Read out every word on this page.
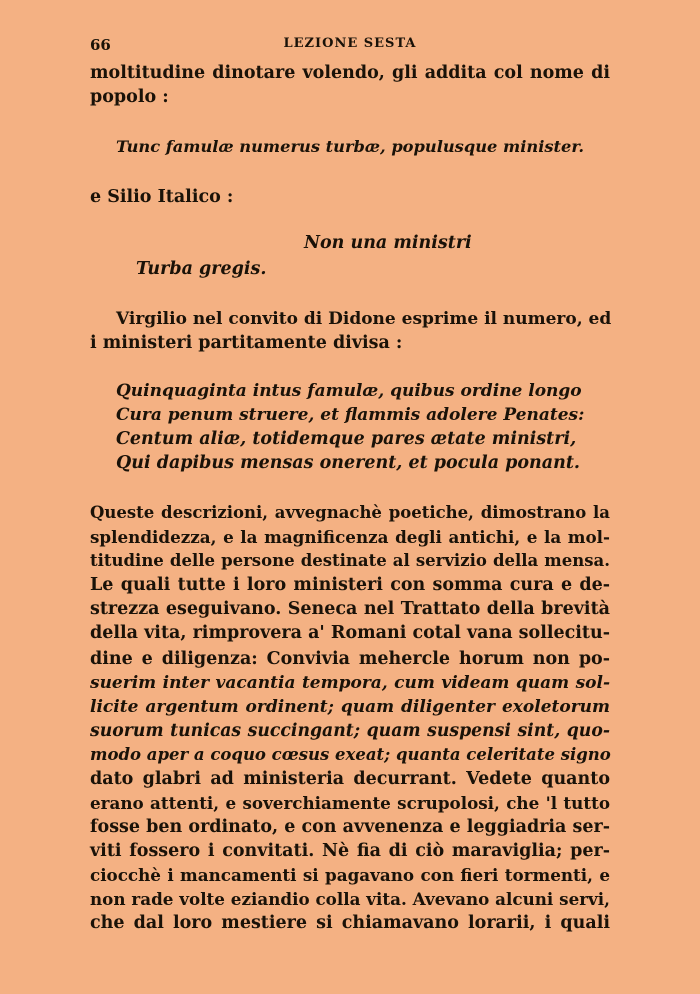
66	LEZIONE SESTA
moltitudine dinotare volendo, gli addita col nome di
popolo :
Tunc famulæ numerus turbæ, populusque minister.
e Silio Italico :
Non una ministri
Turba gregis.
Virgilio nel convito di Didone esprime il numero, ed
i ministeri partitamente divisa :
Quinquaginta intus famulæ, quibus ordine longo
Cura penum struere, et flammis adolere Penates:
Centum aliæ, totidemque pares ætate ministri,
Qui dapibus mensas onerent, et pocula ponant.
Queste descrizioni, avvegnachè poetiche, dimostrano la
splendidezza, e la magnificenza degli antichi, e la mol-
titudine delle persone destinate al servizio della mensa.
Le quali tutte i loro ministeri con somma cura e de-
strezza eseguivano. Seneca nel Trattato della brevità
della vita, rimprovera a' Romani cotal vana sollecitu-
dine e diligenza: Convivia mehercle horum non po-
suerim inter vacantia tempora, cum videam quam sol-
licite argentum ordinent; quam diligenter exoletorum
suorum tunicas succingant; quam suspensi sint, quo-
modo aper a coquo cœsus exeat; quanta celeritate signo
dato glabri ad ministeria decurrant. Vedete quanto
erano attenti, e soverchiamente scrupolosi, che 'l tutto
fosse ben ordinato, e con avvenenza e leggiadria ser-
viti fossero i convitati. Nè fia di ciò maraviglia; per-
ciocchè i mancamenti si pagavano con fieri tormenti, e
non rade volte eziandio colla vita. Avevano alcuni servi,
che dal loro mestiere si chiamavano lorarii, i quali
